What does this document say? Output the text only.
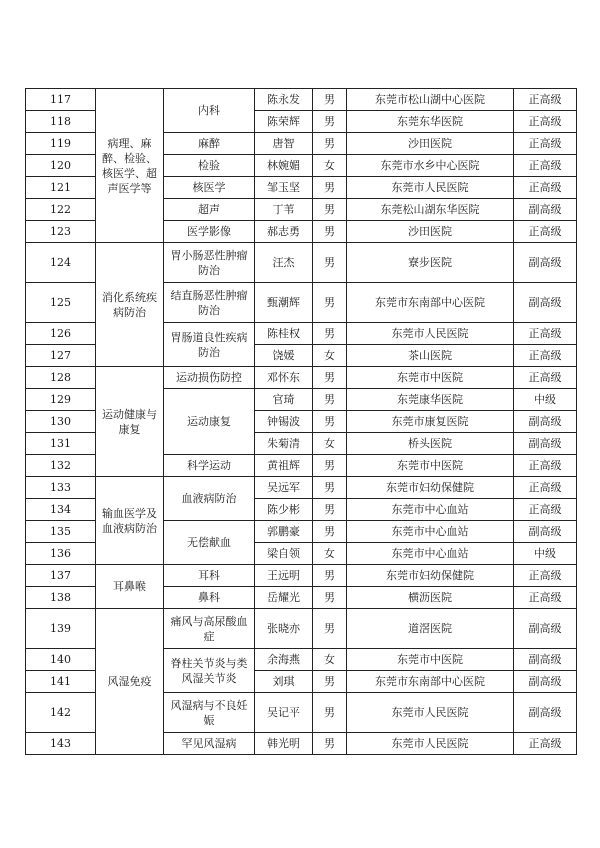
117	病理、麻醉、检验、核医学、超声医学等	内科	陈永发	男	东莞市松山湖中心医院	正高级
118			陈荣辉	男	东莞东华医院	正高级
119		麻醉	唐智	男	沙田医院	正高级
120		检验	林婉媚	女	东莞市水乡中心医院	正高级
121		核医学	邹玉坚	男	东莞市人民医院	正高级
122		超声	丁苇	男	东莞松山湖东华医院	副高级
123		医学影像	郝志勇	男	沙田医院	正高级
124	消化系统疾病防治	胃小肠恶性肿瘤防治	汪杰	男	寮步医院	副高级
125		结直肠恶性肿瘤防治	甄潮辉	男	东莞市东南部中心医院	副高级
126		胃肠道良性疾病防治	陈桂权	男	东莞市人民医院	正高级
127			饶媛	女	茶山医院	正高级
128	运动健康与康复	运动损伤防控	邓怀东	男	东莞市中医院	正高级
129		运动康复	官琦	男	东莞康华医院	中级
130			钟锡波	男	东莞市康复医院	副高级
131			朱菊清	女	桥头医院	副高级
132		科学运动	黄祖辉	男	东莞市中医院	正高级
133	输血医学及血液病防治	血液病防治	吴远军	男	东莞市妇幼保健院	正高级
134			陈少彬	男	东莞市中心血站	正高级
135		无偿献血	郭鹏豪	男	东莞市中心血站	副高级
136			梁自领	女	东莞市中心血站	中级
137	耳鼻喉	耳科	王远明	男	东莞市妇幼保健院	正高级
138		鼻科	岳耀光	男	横沥医院	正高级
139	风湿免疫	痛风与高尿酸血症	张晓亦	男	道滘医院	副高级
140		脊柱关节炎与类风湿关节炎	余海燕	女	东莞市中医院	副高级
141			刘琪	男	东莞市东南部中心医院	副高级
142		风湿病与不良妊娠	吴记平	男	东莞市人民医院	副高级
143		罕见风湿病	韩光明	男	东莞市人民医院	正高级
